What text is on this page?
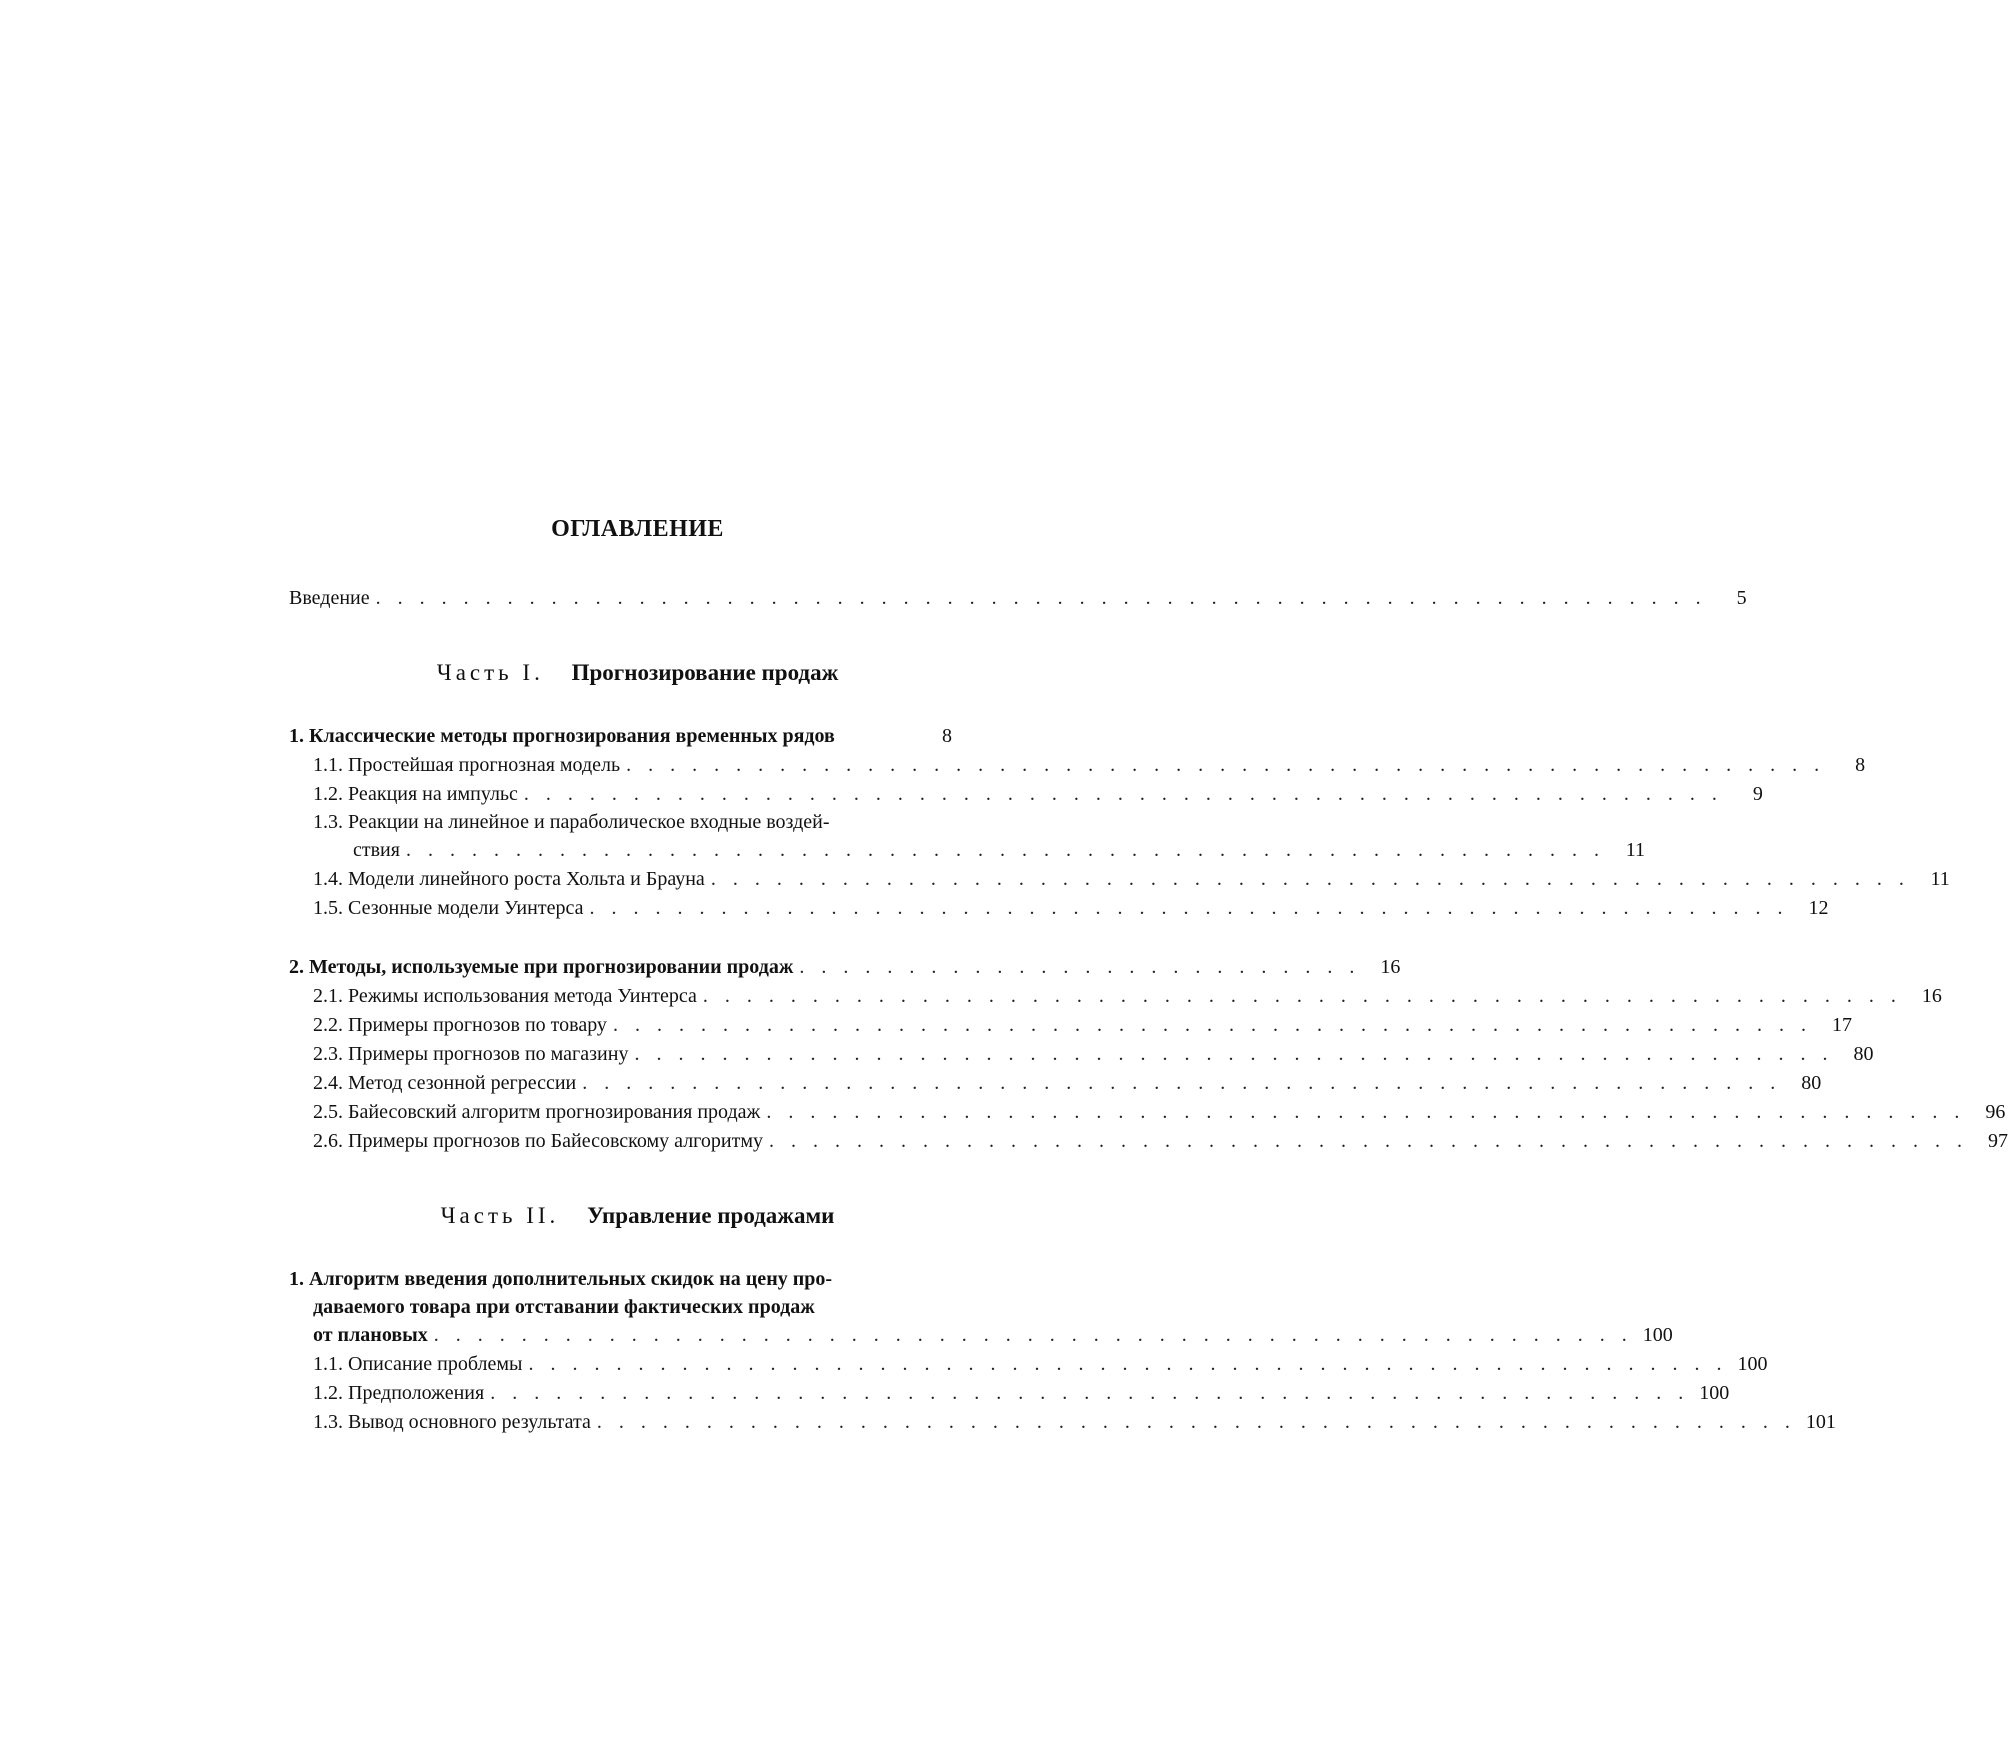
ОГЛАВЛЕНИЕ
Введение . . . . . . . . . . . . . . . . . . . . . . . . . . . . . . . . . . . . . . . . . . . . . . . . . . . . . . . . . . . . .	5
Часть I. Прогнозирование продаж
1. Классические методы прогнозирования временных рядов	8
1.1. Простейшая прогнозная модель . . . . . . . . . . . . . . . . . . . . . . . . . . . . . . . . . . . . . . . . . . . . . . . . . . . . . . .	8
1.2. Реакция на импульс . . . . . . . . . . . . . . . . . . . . . . . . . . . . . . . . . . . . . . . . . . . . . . . . . . . . . . .	9
1.3. Реакции на линейное и параболическое входные воздей-
ствия . . . . . . . . . . . . . . . . . . . . . . . . . . . . . . . . . . . . . . . . . . . . . . . . . . . . . . .	11
1.4. Модели линейного роста Хольта и Брауна . . . . . . . . . . . . . . . . . . . . . . . . . . . . . . . . . . . . . . . . . . . . . . . . . . . . . . .	11
1.5. Сезонные модели Уинтерса . . . . . . . . . . . . . . . . . . . . . . . . . . . . . . . . . . . . . . . . . . . . . . . . . . . . . . .	12
2. Методы, используемые при прогнозировании продаж . . . . . . . . . . . . . . . . . . . . . . . . . .	16
2.1. Режимы использования метода Уинтерса . . . . . . . . . . . . . . . . . . . . . . . . . . . . . . . . . . . . . . . . . . . . . . . . . . . . . . .	16
2.2. Примеры прогнозов по товару . . . . . . . . . . . . . . . . . . . . . . . . . . . . . . . . . . . . . . . . . . . . . . . . . . . . . . .	17
2.3. Примеры прогнозов по магазину . . . . . . . . . . . . . . . . . . . . . . . . . . . . . . . . . . . . . . . . . . . . . . . . . . . . . . .	80
2.4. Метод сезонной регрессии . . . . . . . . . . . . . . . . . . . . . . . . . . . . . . . . . . . . . . . . . . . . . . . . . . . . . . .	80
2.5. Байесовский алгоритм прогнозирования продаж . . . . . . . . . . . . . . . . . . . . . . . . . . . . . . . . . . . . . . . . . . . . . . . . . . . . . . .	96
2.6. Примеры прогнозов по Байесовскому алгоритму . . . . . . . . . . . . . . . . . . . . . . . . . . . . . . . . . . . . . . . . . . . . . . . . . . . . . . .	97
Часть II. Управление продажами
1. Алгоритм введения дополнительных скидок на цену про-
даваемого товара при отставании фактических продаж
от плановых . . . . . . . . . . . . . . . . . . . . . . . . . . . . . . . . . . . . . . . . . . . . . . . . . . . . . . . 100
1.1. Описание проблемы . . . . . . . . . . . . . . . . . . . . . . . . . . . . . . . . . . . . . . . . . . . . . . . . . . . . . . . 100
1.2. Предположения . . . . . . . . . . . . . . . . . . . . . . . . . . . . . . . . . . . . . . . . . . . . . . . . . . . . . . . 100
1.3. Вывод основного результата . . . . . . . . . . . . . . . . . . . . . . . . . . . . . . . . . . . . . . . . . . . . . . . . . . . . . . . 101
